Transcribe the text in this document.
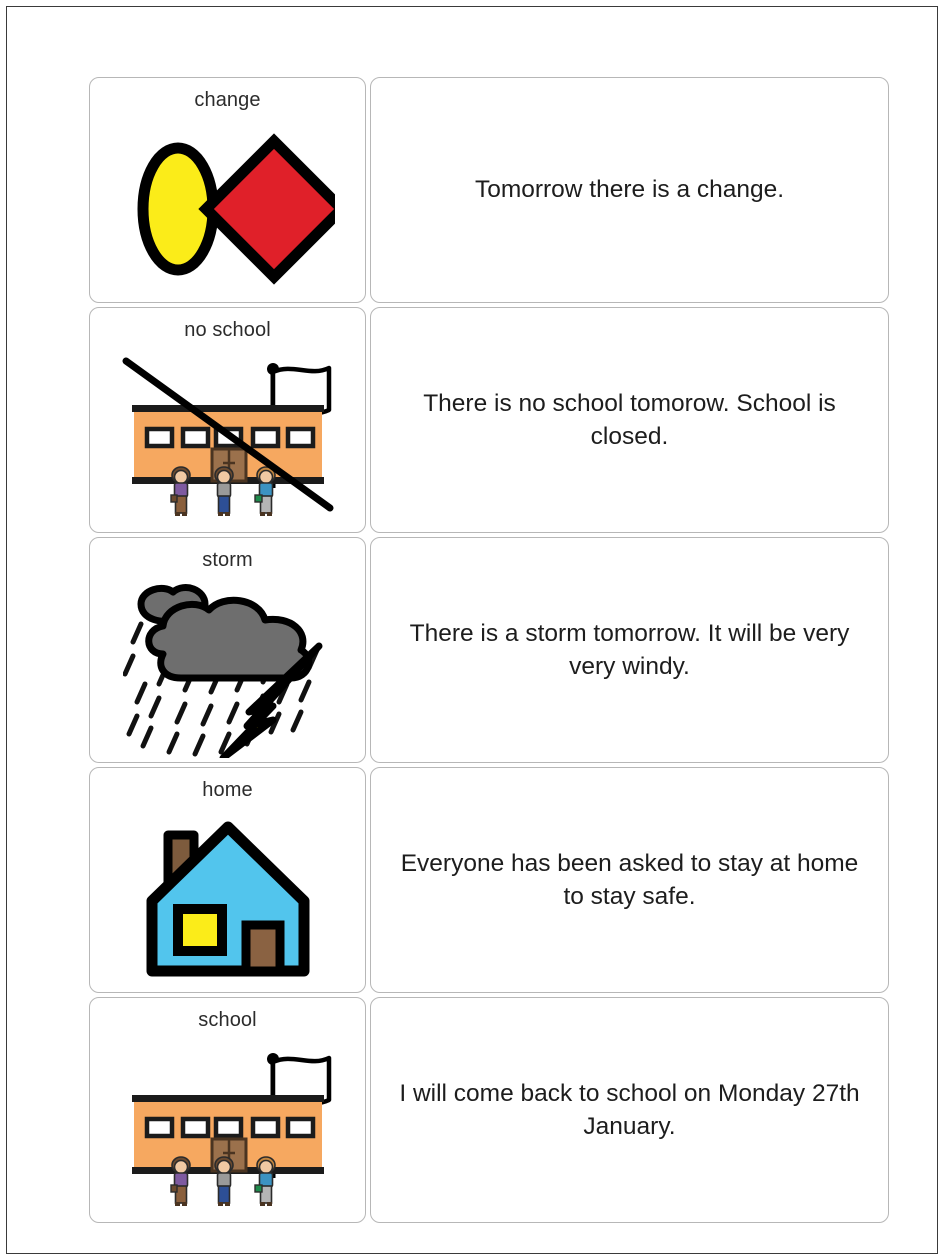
change
Tomorrow there is a change.
no school
There is no school tomorow. School is closed.
storm
There is a storm tomorrow. It will be very very windy.
home
Everyone has been asked to stay at home to stay safe.
school
I will come back to school on Monday 27th January.
